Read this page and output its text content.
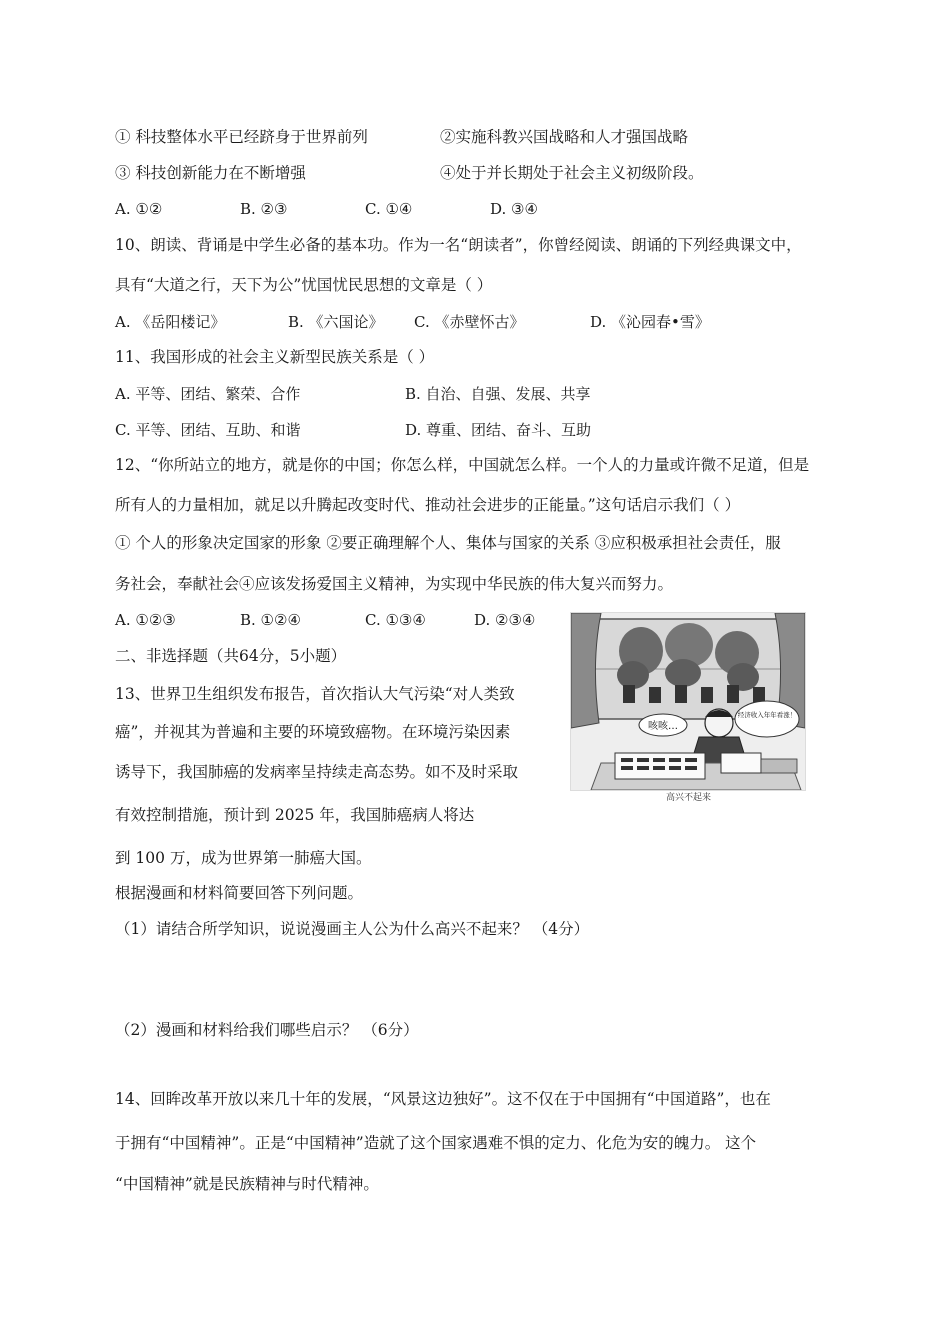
① 科技整体水平已经跻身于世界前列	②实施科教兴国战略和人才强国战略
③ 科技创新能力在不断增强	④处于并长期处于社会主义初级阶段。
A. ①②	B. ②③	C. ①④	D. ③④
10、朗读、背诵是中学生必备的基本功。作为一名“朗读者”，你曾经阅读、朗诵的下列经典课文中，
具有“大道之行，天下为公”忧国忧民思想的文章是（ ）
A. 《岳阳楼记》	B. 《六国论》 C. 《赤壁怀古》	D. 《沁园春•雪》
11、我国形成的社会主义新型民族关系是（ ）
A. 平等、团结、繁荣、合作	B. 自治、自强、发展、共享
C. 平等、团结、互助、和谐	D. 尊重、团结、奋斗、互助
12、“你所站立的地方，就是你的中国；你怎么样，中国就怎么样。一个人的力量或许微不足道，但是
所有人的力量相加，就足以升腾起改变时代、推动社会进步的正能量。”这句话启示我们（ ）
① 个人的形象决定国家的形象 ②要正确理解个人、集体与国家的关系 ③应积极承担社会责任，服
务社会，奉献社会④应该发扬爱国主义精神，为实现中华民族的伟大复兴而努力。
A. ①②③	B. ①②④	C. ①③④	D. ②③④
二、非选择题（共64分，5小题）
13、世界卫生组织发布报告，首次指认大气污染“对人类致
癌”，并视其为普遍和主要的环境致癌物。在环境污染因素
诱导下，我国肺癌的发病率呈持续走高态势。如不及时采取
有效控制措施，预计到 2025 年，我国肺癌病人将达
到 100 万，成为世界第一肺癌大国。
根据漫画和材料简要回答下列问题。
（1）请结合所学知识，说说漫画主人公为什么高兴不起来？ （4分）
（2）漫画和材料给我们哪些启示？ （6分）
咳咳…
经济收入年年看涨！
高兴不起来
14、回眸改革开放以来几十年的发展，“风景这边独好”。这不仅在于中国拥有“中国道路”，也在
于拥有“中国精神”。正是“中国精神”造就了这个国家遇难不惧的定力、化危为安的魄力。 这个
“中国精神”就是民族精神与时代精神。
